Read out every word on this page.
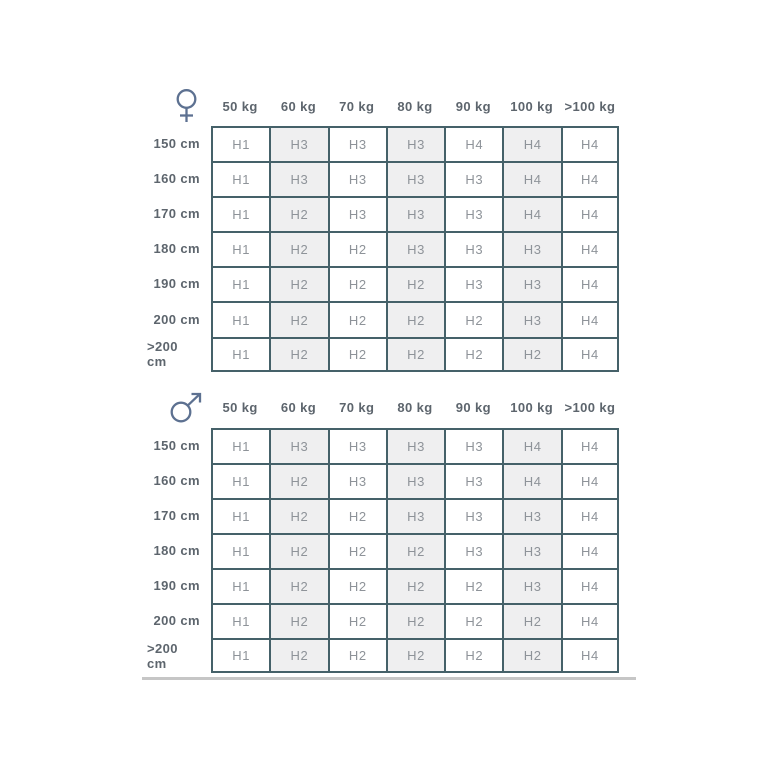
50 kg	60 kg	70 kg	80 kg	90 kg	100 kg >100 kg
150 cm	H1	H3	H3	H3	H4	H4	H4
160 cm	H1	H3	H3	H3	H3	H4	H4
170 cm	H1	H2	H3	H3	H3	H4	H4
180 cm	H1	H2	H2	H3	H3	H3	H4
190 cm	H1	H2	H2	H2	H3	H3	H4
200 cm	H1	H2	H2	H2	H2	H3	H4
>200 cm	H1	H2	H2	H2	H2	H2	H4
50 kg	60 kg	70 kg	80 kg	90 kg	100 kg >100 kg
150 cm	H1	H3	H3	H3	H3	H4	H4
160 cm	H1	H2	H3	H3	H3	H4	H4
170 cm	H1	H2	H2	H3	H3	H3	H4
180 cm	H1	H2	H2	H2	H3	H3	H4
190 cm	H1	H2	H2	H2	H2	H3	H4
200 cm	H1	H2	H2	H2	H2	H2	H4
>200 cm	H1	H2	H2	H2	H2	H2	H4
